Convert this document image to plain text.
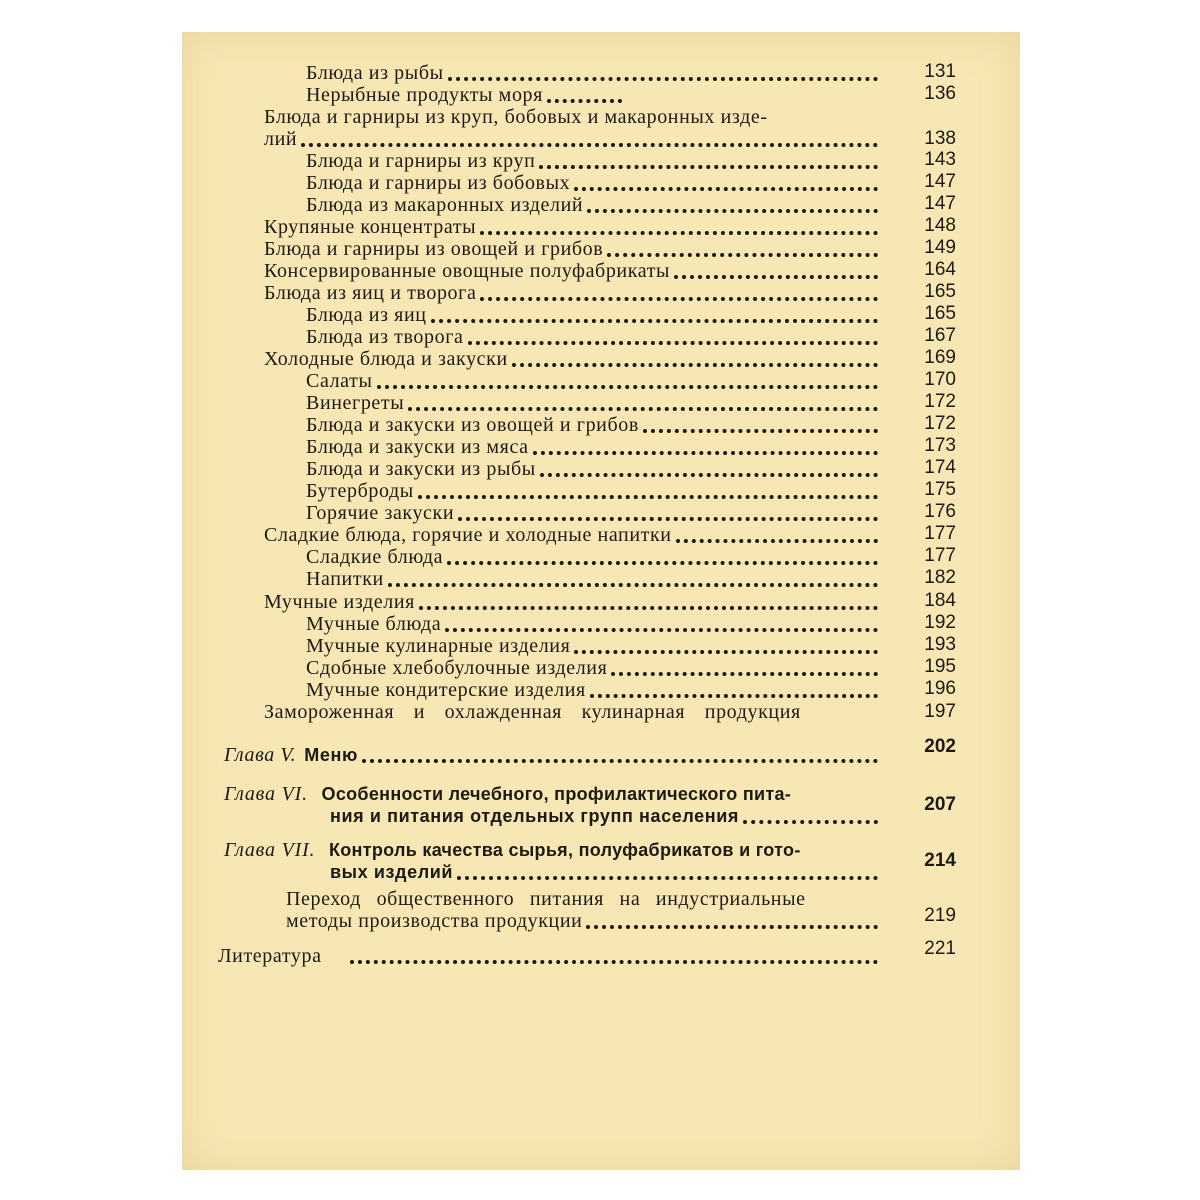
Блюда из рыбы	131
Нерыбные продукты моря	136
Блюда и гарниры из круп, бобовых и макаронных изде-
лий	138
Блюда и гарниры из круп	143
Блюда и гарниры из бобовых	147
Блюда из макаронных изделий	147
Крупяные концентраты	148
Блюда и гарниры из овощей и грибов	149
Консервированные овощные полуфабрикаты	164
Блюда из яиц и творога	165
Блюда из яиц	165
Блюда из творога	167
Холодные блюда и закуски	169
Салаты	170
Винегреты	172
Блюда и закуски из овощей и грибов	172
Блюда и закуски из мяса	173
Блюда и закуски из рыбы	174
Бутерброды	175
Горячие закуски	176
Сладкие блюда, горячие и холодные напитки	177
Сладкие блюда	177
Напитки	182
Мучные изделия	184
Мучные блюда	192
Мучные кулинарные изделия	193
Сдобные хлебобулочные изделия	195
Мучные кондитерские изделия	196
Замороженная и охлажденная кулинарная продукция	197
Глава V. Меню	202
Глава VI. Особенности лечебного, профилактического пита-
ния и питания отдельных групп населения
207
Глава VII. Контроль качества сырья, полуфабрикатов и гото-
вых изделий
214
Переход общественного питания на индустриальные
методы производства продукции	219
Литература	221
